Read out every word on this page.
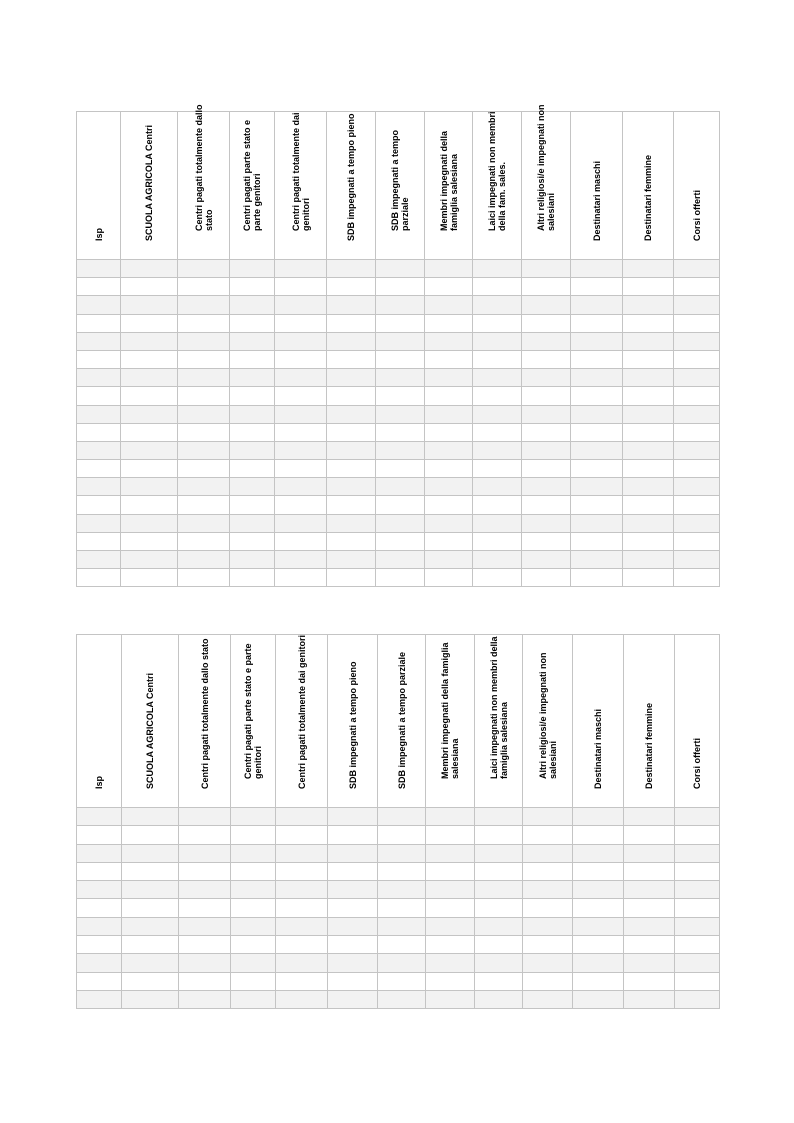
Isp	SCUOLA AGRICOLA Centri	Centri pagati totalmente dallo stato	Centri pagati parte stato e parte genitori	Centri pagati totalmente dai genitori	SDB impegnati a tempo pieno	SDB impegnati a tempo parziale	Membri impegnati della famiglia salesiana	Laici impegnati non membri della fam. sales.	Altri religiosi/e impegnati non salesiani	Destinatari maschi	Destinatari femmine	Corsi offerti

Isp	SCUOLA AGRICOLA Centri	Centri pagati totalmente dallo stato	Centri pagati parte stato e parte genitori	Centri pagati totalmente dai genitori	SDB impegnati a tempo pieno	SDB impegnati a tempo parziale	Membri impegnati della famiglia salesiana	Laici impegnati non membri della famiglia salesiana	Altri religiosi/e impegnati non salesiani	Destinatari maschi	Destinatari femmine	Corsi offerti
